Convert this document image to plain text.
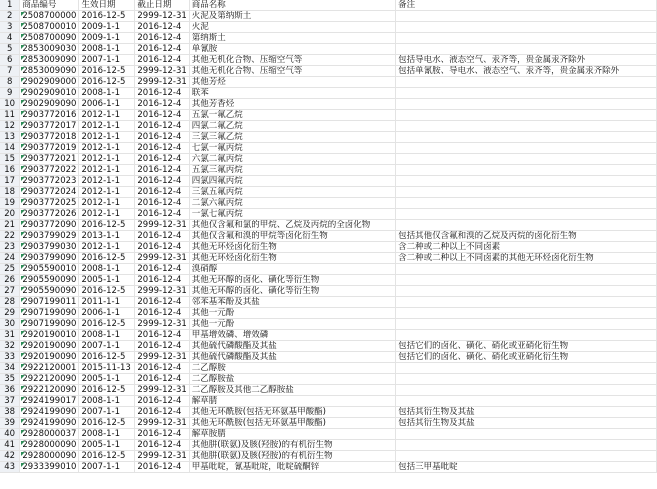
1	商品编号	生效日期	截止日期	商品名称	备注
2	2508700000	2016-12-5	2999-12-31	火泥及第纳斯土	
3	2508700010	2009-1-1	2016-12-4	火泥	
4	2508700090	2009-1-1	2016-12-4	第纳斯土	
5	2853009030	2008-1-1	2016-12-4	单氰胺	
6	2853009090	2007-1-1	2016-12-4	其他无机化合物、压缩空气等	包括导电水、液态空气、汞齐等，贵金属汞齐除外
7	2853009090	2016-12-5	2999-12-31	其他无机化合物、压缩空气等	包括单氰胺、导电水、液态空气、汞齐等，贵金属汞齐除外
8	2902909000	2016-12-5	2999-12-31	其他芳烃	
9	2902909010	2008-1-1	2016-12-4	联苯	
10	2902909090	2006-1-1	2016-12-4	其他芳香烃	
11	2903772016	2012-1-1	2016-12-4	五氯一氟乙烷	
12	2903772017	2012-1-1	2016-12-4	四氯二氟乙烷	
13	2903772018	2012-1-1	2016-12-4	三氯三氟乙烷	
14	2903772019	2012-1-1	2016-12-4	七氯一氟丙烷	
15	2903772021	2012-1-1	2016-12-4	六氯二氟丙烷	
16	2903772022	2012-1-1	2016-12-4	五氯三氟丙烷	
17	2903772023	2012-1-1	2016-12-4	四氯四氟丙烷	
18	2903772024	2012-1-1	2016-12-4	三氯五氟丙烷	
19	2903772025	2012-1-1	2016-12-4	二氯六氟丙烷	
20	2903772026	2012-1-1	2016-12-4	一氯七氟丙烷	
21	2903772090	2016-12-5	2999-12-31	其他仅含氟和氯的甲烷、乙烷及丙烷的全卤化物	
22	2903799029	2013-1-1	2016-12-4	其他仅含氟和溴的甲烷等卤化衍生物	包括其他仅含氟和溴的乙烷及丙烷的卤化衍生物
23	2903799030	2012-1-1	2016-12-4	其他无环烃卤化衍生物	含二种或二种以上不同卤素
24	2903799090	2016-12-5	2999-12-31	其他无环烃卤化衍生物	含二种或二种以上不同卤素的其他无环烃卤化衍生物
25	2905590010	2008-1-1	2016-12-4	溴硝醇	
26	2905590090	2005-1-1	2016-12-4	其他无环醇的卤化、磺化等衍生物	
27	2905590090	2016-12-5	2999-12-31	其他无环醇的卤化、磺化等衍生物	
28	2907199011	2011-1-1	2016-12-4	邻苯基苯酚及其盐	
29	2907199090	2006-1-1	2016-12-4	其他一元酚	
30	2907199090	2016-12-5	2999-12-31	其他一元酚	
31	2920190010	2008-1-1	2016-12-4	甲基增效磷、增效磷	
32	2920190090	2007-1-1	2016-12-4	其他硫代磷酸酯及其盐	包括它们的卤化、磺化、硝化或亚硝化衍生物
33	2920190090	2016-12-5	2999-12-31	其他硫代磷酸酯及其盐	包括它们的卤化、磺化、硝化或亚硝化衍生物
34	2922120001	2015-11-13	2016-12-4	二乙醇胺	
35	2922120090	2005-1-1	2016-12-4	二乙醇胺盐	
36	2922120090	2016-12-5	2999-12-31	二乙醇胺及其他二乙醇胺盐	
37	2924199017	2008-1-1	2016-12-4	解草腈	
38	2924199090	2007-1-1	2016-12-4	其他无环酰胺(包括无环氨基甲酸酯)	包括其衍生物及其盐
39	2924199090	2016-12-5	2999-12-31	其他无环酰胺(包括无环氨基甲酸酯)	包括其衍生物及其盐
40	2928000037	2008-1-1	2016-12-4	解草胺腈	
41	2928000090	2005-1-1	2016-12-4	其他肼(联氨)及胲(羟胺)的有机衍生物	
42	2928000090	2016-12-5	2999-12-31	其他肼(联氨)及胲(羟胺)的有机衍生物	
43	2933399010	2007-1-1	2016-12-4	甲基吡啶，氰基吡啶，吡啶硫酮锌	包括三甲基吡啶
